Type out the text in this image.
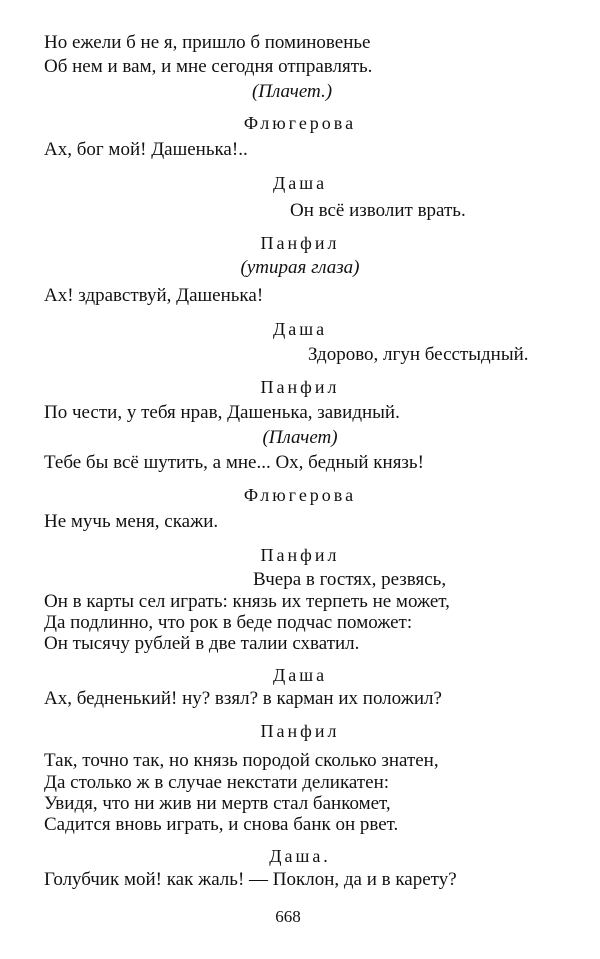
Но ежели б не я, пришло б поминовенье
Об нем и вам, и мне сегодня отправлять.
(Плачет.)
Флюгерова
Ах, бог мой! Дашенька!..
Даша
Он всё изволит врать.
Панфил
(утирая глаза)
Ах! здравствуй, Дашенька!
Даша
Здорово, лгун бесстыдный.
Панфил
По чести, у тебя нрав, Дашенька, завидный.
(Плачет)
Тебе бы всё шутить, а мне... Ох, бедный князь!
Флюгерова
Не мучь меня, скажи.
Панфил
Вчера в гостях, резвясь,
Он в карты сел играть: князь их терпеть не может,
Да подлинно, что рок в беде подчас поможет:
Он тысячу рублей в две талии схватил.
Даша
Ах, бедненький! ну? взял? в карман их положил?
Панфил
Так, точно так, но князь породой сколько знатен,
Да столько ж в случае некстати деликатен:
Увидя, что ни жив ни мертв стал банкомет,
Садится вновь играть, и снова банк он рвет.
Даша.
Голубчик мой! как жаль! — Поклон, да и в карету?
668
